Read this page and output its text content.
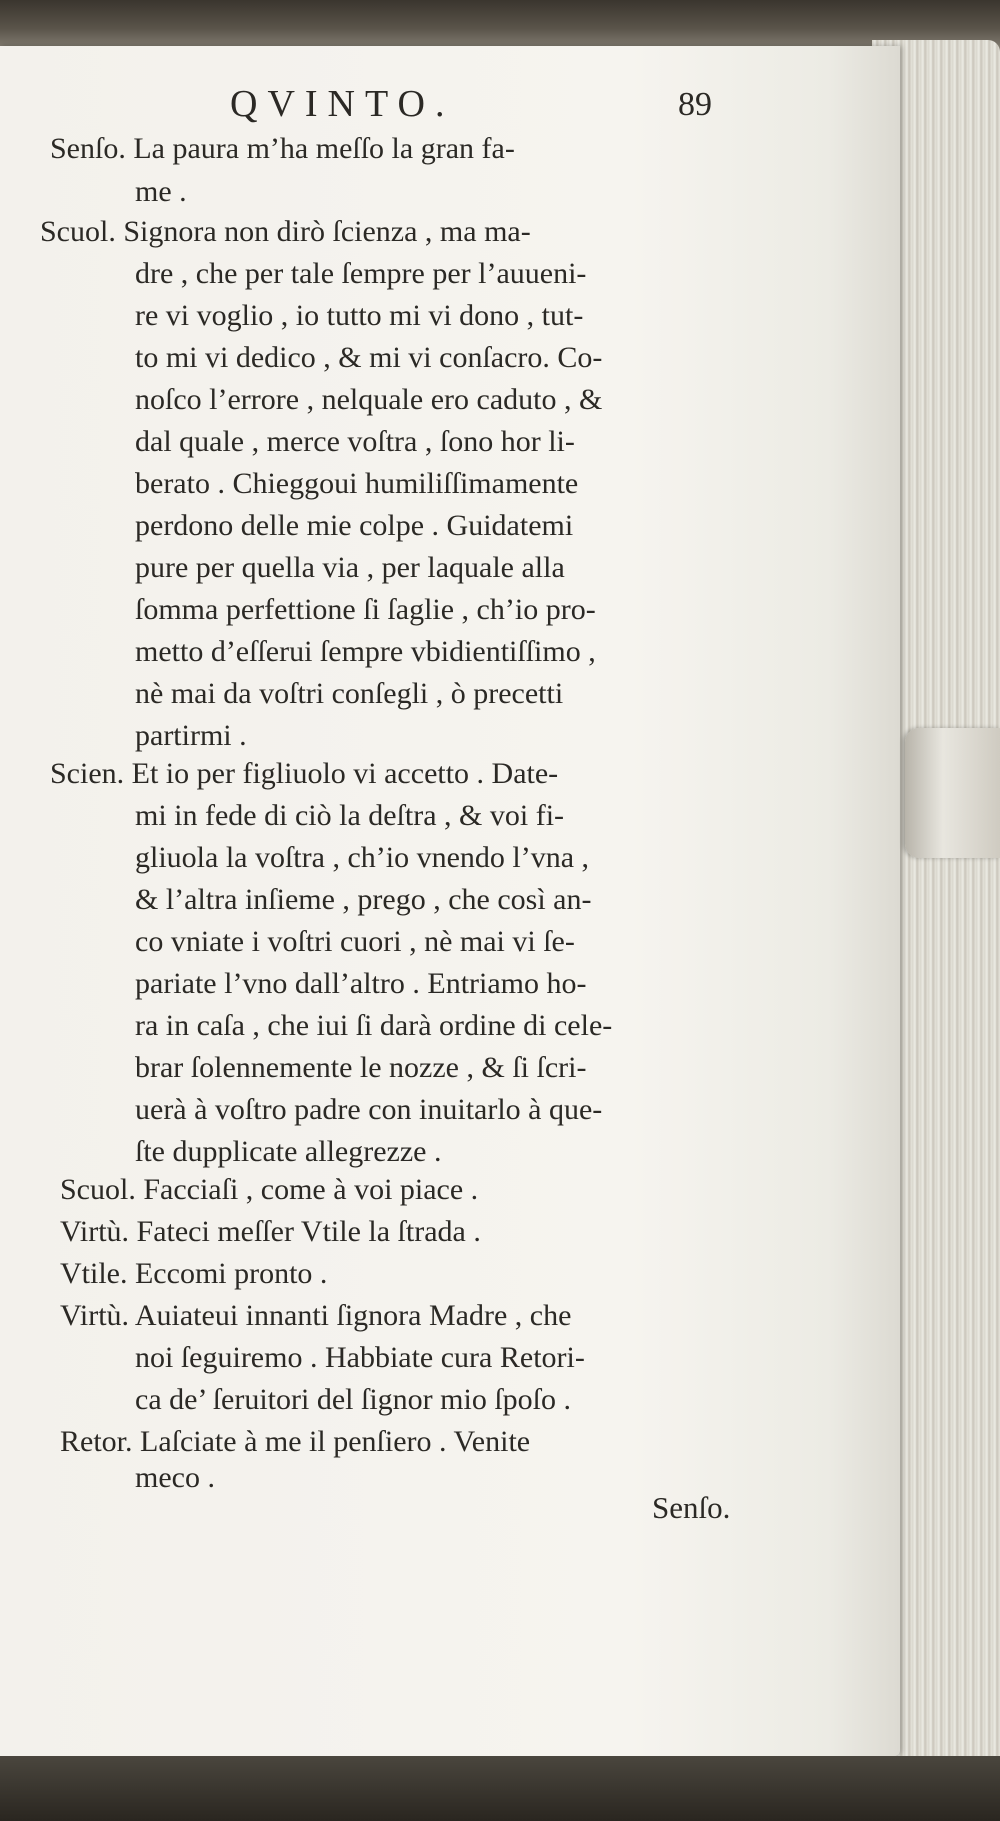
QVINTO.	89
Senſo. La paura m’ha meſſo la gran fa-
me .
Scuol. Signora non dirò ſcienza , ma ma-
dre , che per tale ſempre per l’auueni-
re vi voglio , io tutto mi vi dono , tut-
to mi vi dedico , & mi vi conſacro. Co-
noſco l’errore , nelquale ero caduto , &
dal quale , merce voſtra , ſono hor li-
berato . Chieggoui humiliſſimamente
perdono delle mie colpe . Guidatemi
pure per quella via , per laquale alla
ſomma perfettione ſi ſaglie , ch’io pro-
metto d’eſſerui ſempre vbidientiſſimo ,
nè mai da voſtri conſegli , ò precetti
partirmi .
Scien. Et io per figliuolo vi accetto . Date-
mi in fede di ciò la deſtra , & voi fi-
gliuola la voſtra , ch’io vnendo l’vna ,
& l’altra inſieme , prego , che così an-
co vniate i voſtri cuori , nè mai vi ſe-
pariate l’vno dall’altro . Entriamo ho-
ra in caſa , che iui ſi darà ordine di cele-
brar ſolennemente le nozze , & ſi ſcri-
uerà à voſtro padre con inuitarlo à que-
ſte dupplicate allegrezze .
Scuol. Facciaſi , come à voi piace .
Virtù. Fateci meſſer Vtile la ſtrada .
Vtile. Eccomi pronto .
Virtù. Auiateui innanti ſignora Madre , che
noi ſeguiremo . Habbiate cura Retori-
ca de’ ſeruitori del ſignor mio ſpoſo .
Retor. Laſciate à me il penſiero . Venite
meco .
Senſo.
